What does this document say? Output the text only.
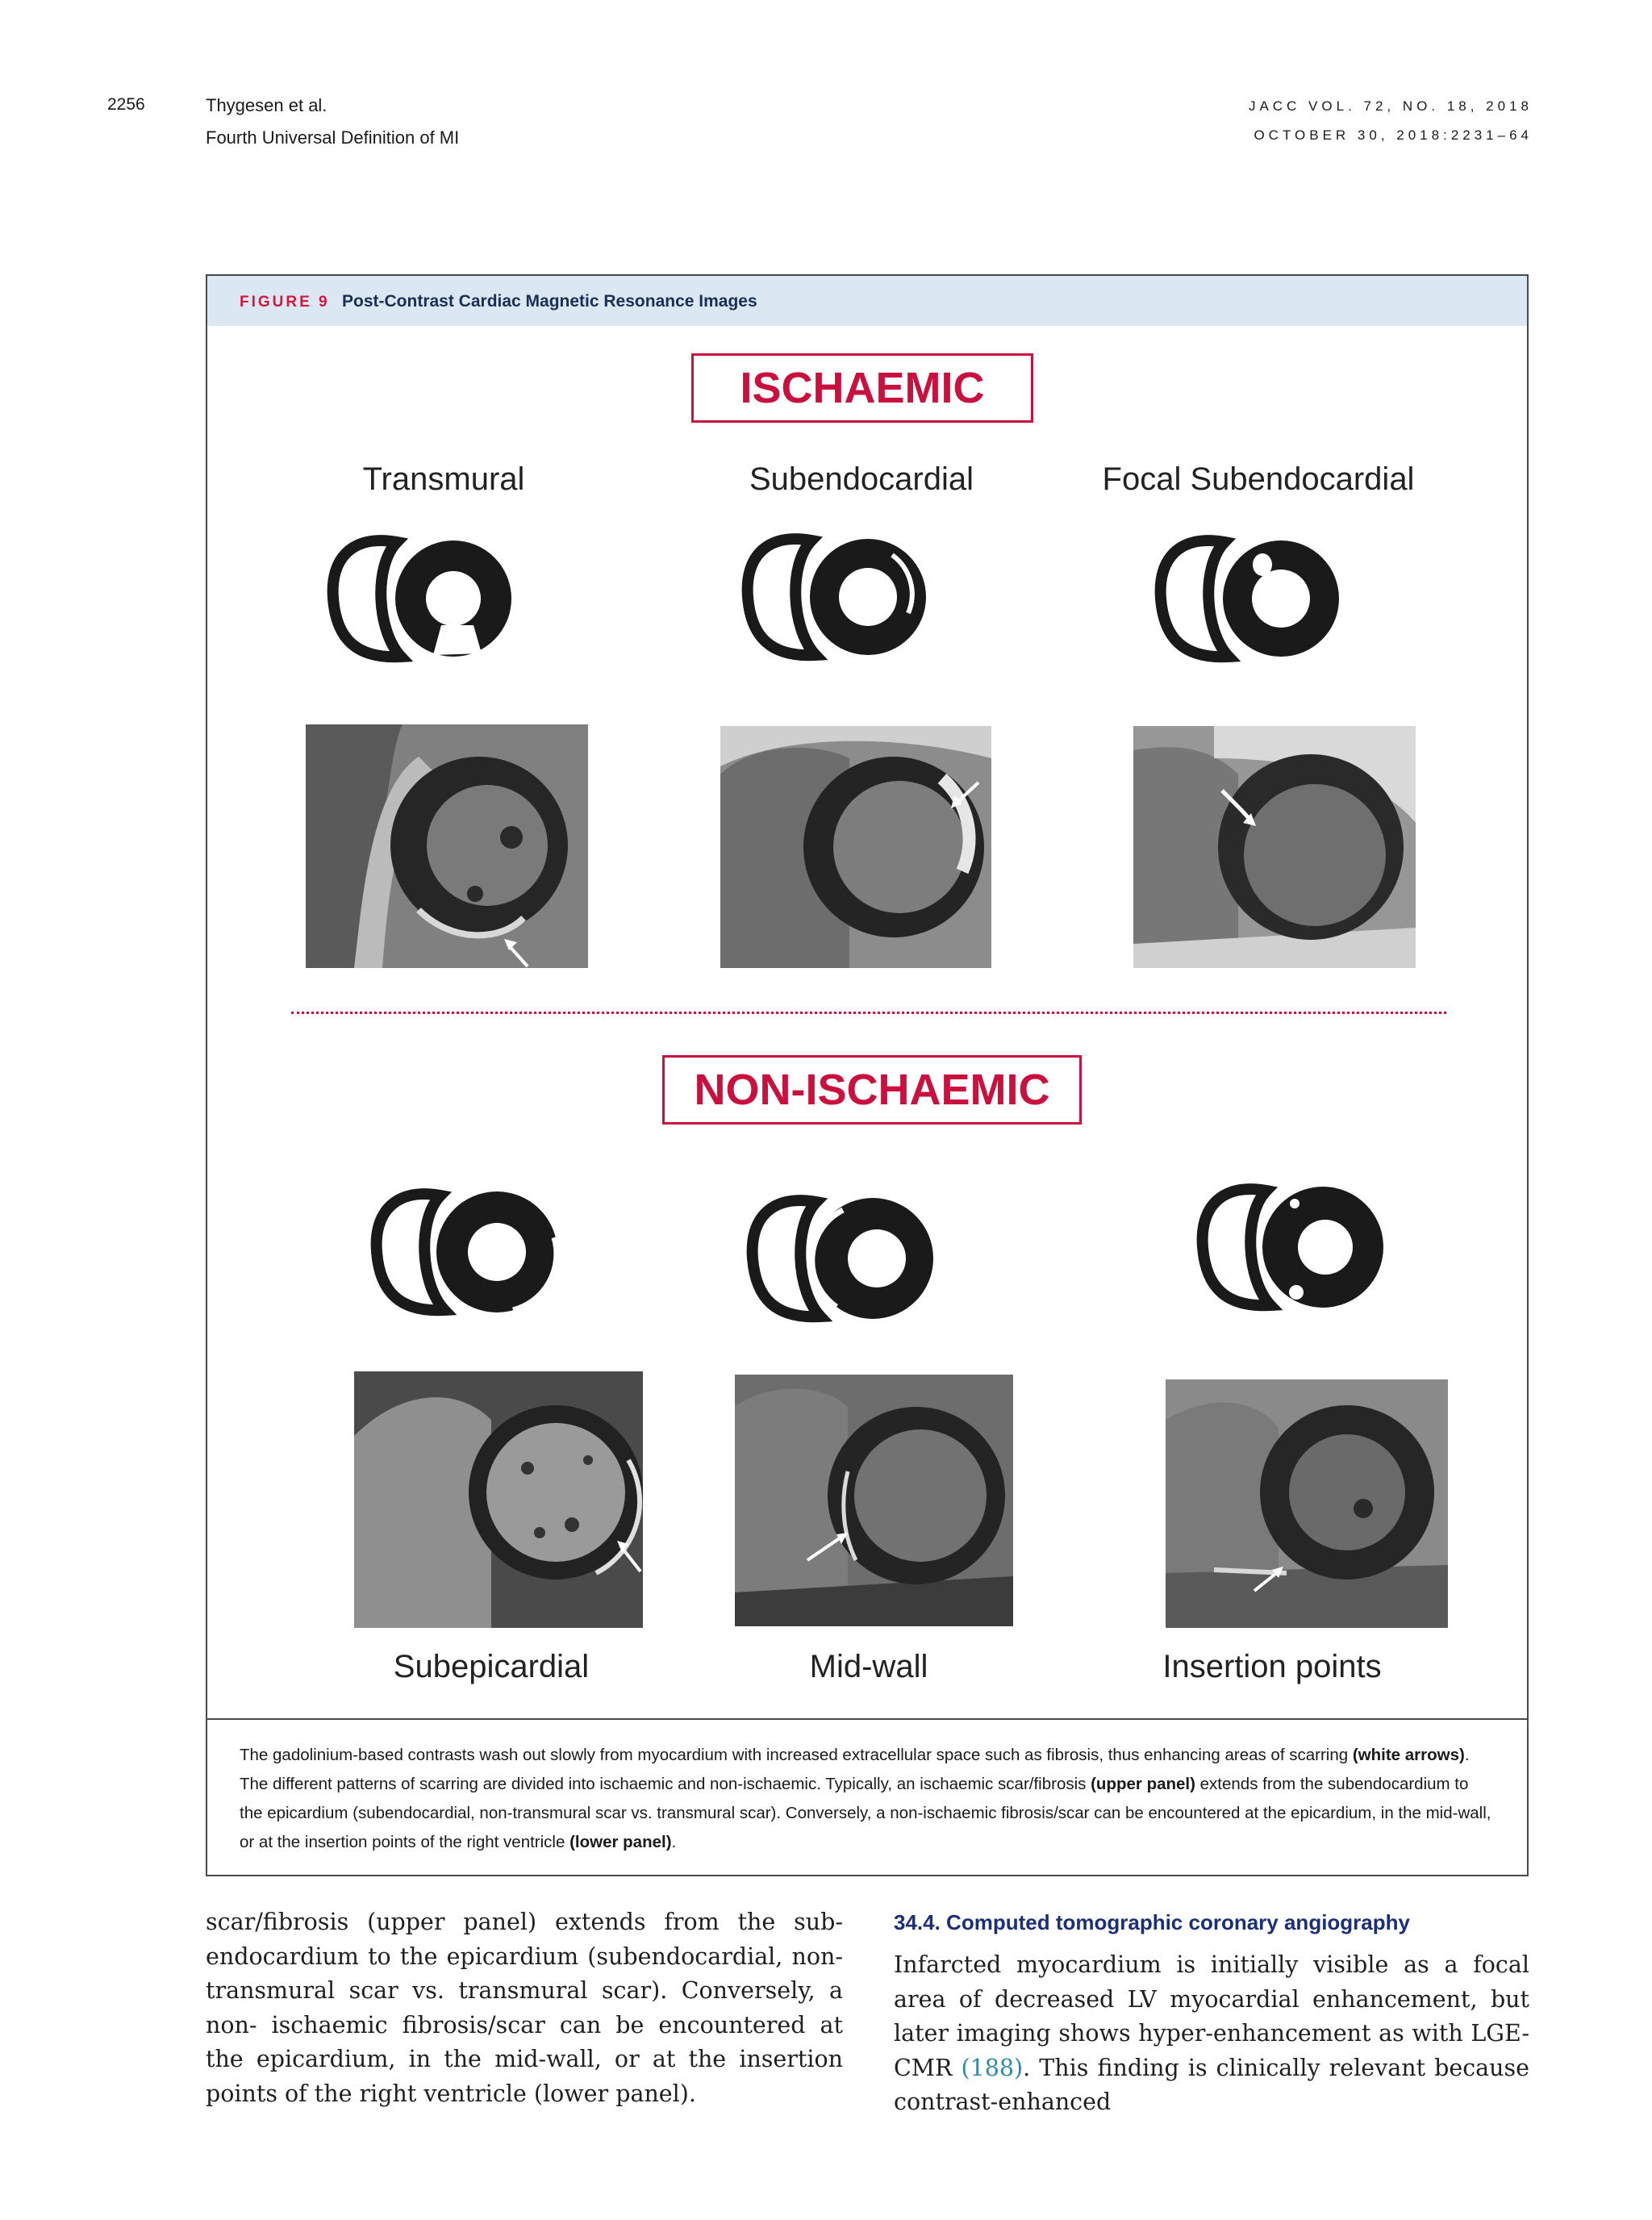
2256	Thygesen et al.
Fourth Universal Definition of MI
JACC VOL. 72, NO. 18, 2018
OCTOBER 30, 2018:2231–64
FIGURE 9 Post-Contrast Cardiac Magnetic Resonance Images
ISCHAEMIC
Transmural	Subendocardial	Focal Subendocardial
NON-ISCHAEMIC
Subepicardial	Mid-wall	Insertion points
The gadolinium-based contrasts wash out slowly from myocardium with increased extracellular space such as fibrosis, thus enhancing areas of scarring (white arrows). The different patterns of scarring are divided into ischaemic and non-ischaemic. Typically, an ischaemic scar/fibrosis (upper panel) extends from the subendocardium to the epicardium (subendocardial, non-transmural scar vs. transmural scar). Conversely, a non-ischaemic fibrosis/scar can be encountered at the epicardium, in the mid-wall, or at the insertion points of the right ventricle (lower panel).
scar/fibrosis (upper panel) extends from the sub-endocardium to the epicardium (subendocardial, non-transmural scar vs. transmural scar). Conversely, a non- ischaemic fibrosis/scar can be encountered at the epicardium, in the mid-wall, or at the insertion points of the right ventricle (lower panel).
34.4. Computed tomographic coronary angiography
Infarcted myocardium is initially visible as a focal area of decreased LV myocardial enhancement, but later imaging shows hyper-enhancement as with LGE-CMR (188). This finding is clinically relevant because contrast-enhanced
